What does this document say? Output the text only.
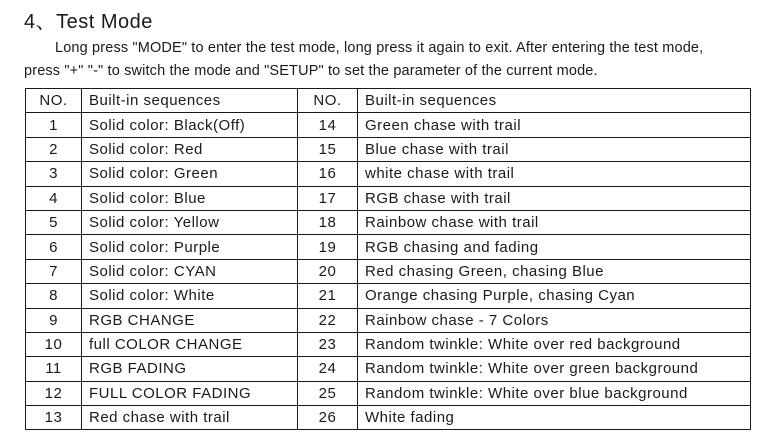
4、Test Mode
Long press "MODE" to enter the test mode, long press it again to exit. After entering the test mode,
press "+" "-" to switch the mode and "SETUP" to set the parameter of the current mode.
NO.	Built-in sequences	NO.	Built-in sequences
1	Solid color: Black(Off)	14	Green chase with trail
2	Solid color: Red	15	Blue chase with trail
3	Solid color: Green	16	white chase with trail
4	Solid color: Blue	17	RGB chase with trail
5	Solid color: Yellow	18	Rainbow chase with trail
6	Solid color: Purple	19	RGB chasing and fading
7	Solid color: CYAN	20	Red chasing Green, chasing Blue
8	Solid color: White	21	Orange chasing Purple, chasing Cyan
9	RGB CHANGE	22	Rainbow chase - 7 Colors
10	full COLOR CHANGE	23	Random twinkle: White over red background
11	RGB FADING	24	Random twinkle: White over green background
12	FULL COLOR FADING	25	Random twinkle: White over blue background
13	Red chase with trail	26	White fading
